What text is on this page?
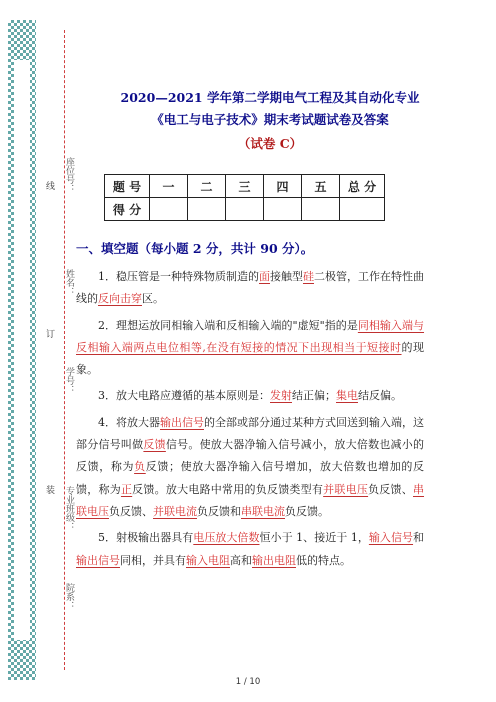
座位号：
姓名：
学号：
专业班级：
院系：
线
订
装
2020—2021 学年第二学期电气工程及其自动化专业
《电工与电子技术》期末考试题试卷及答案
（试卷 C）
题 号	一	二	三	四	五	总 分
得 分						
一、填空题（每小题 2 分，共计 90 分）。

1．稳压管是一种特殊物质制造的面接触型硅二极管，工作在特性曲线的反向击穿区。

2．理想运放同相输入端和反相输入端的"虚短"指的是同相输入端与反相输入端两点电位相等,在没有短接的情况下出现相当于短接时的现象。

3．放大电路应遵循的基本原则是：发射结正偏；集电结反偏。

4．将放大器输出信号的全部或部分通过某种方式回送到输入端，这部分信号叫做反馈信号。使放大器净输入信号减小，放大倍数也减小的反馈，称为负反馈；使放大器净输入信号增加，放大倍数也增加的反馈，称为正反馈。放大电路中常用的负反馈类型有并联电压负反馈、串联电压负反馈、并联电流负反馈和串联电流负反馈。

5．射极输出器具有电压放大倍数恒小于 1、接近于 1，输入信号和输出信号同相，并具有输入电阻高和输出电阻低的特点。

1 / 10
